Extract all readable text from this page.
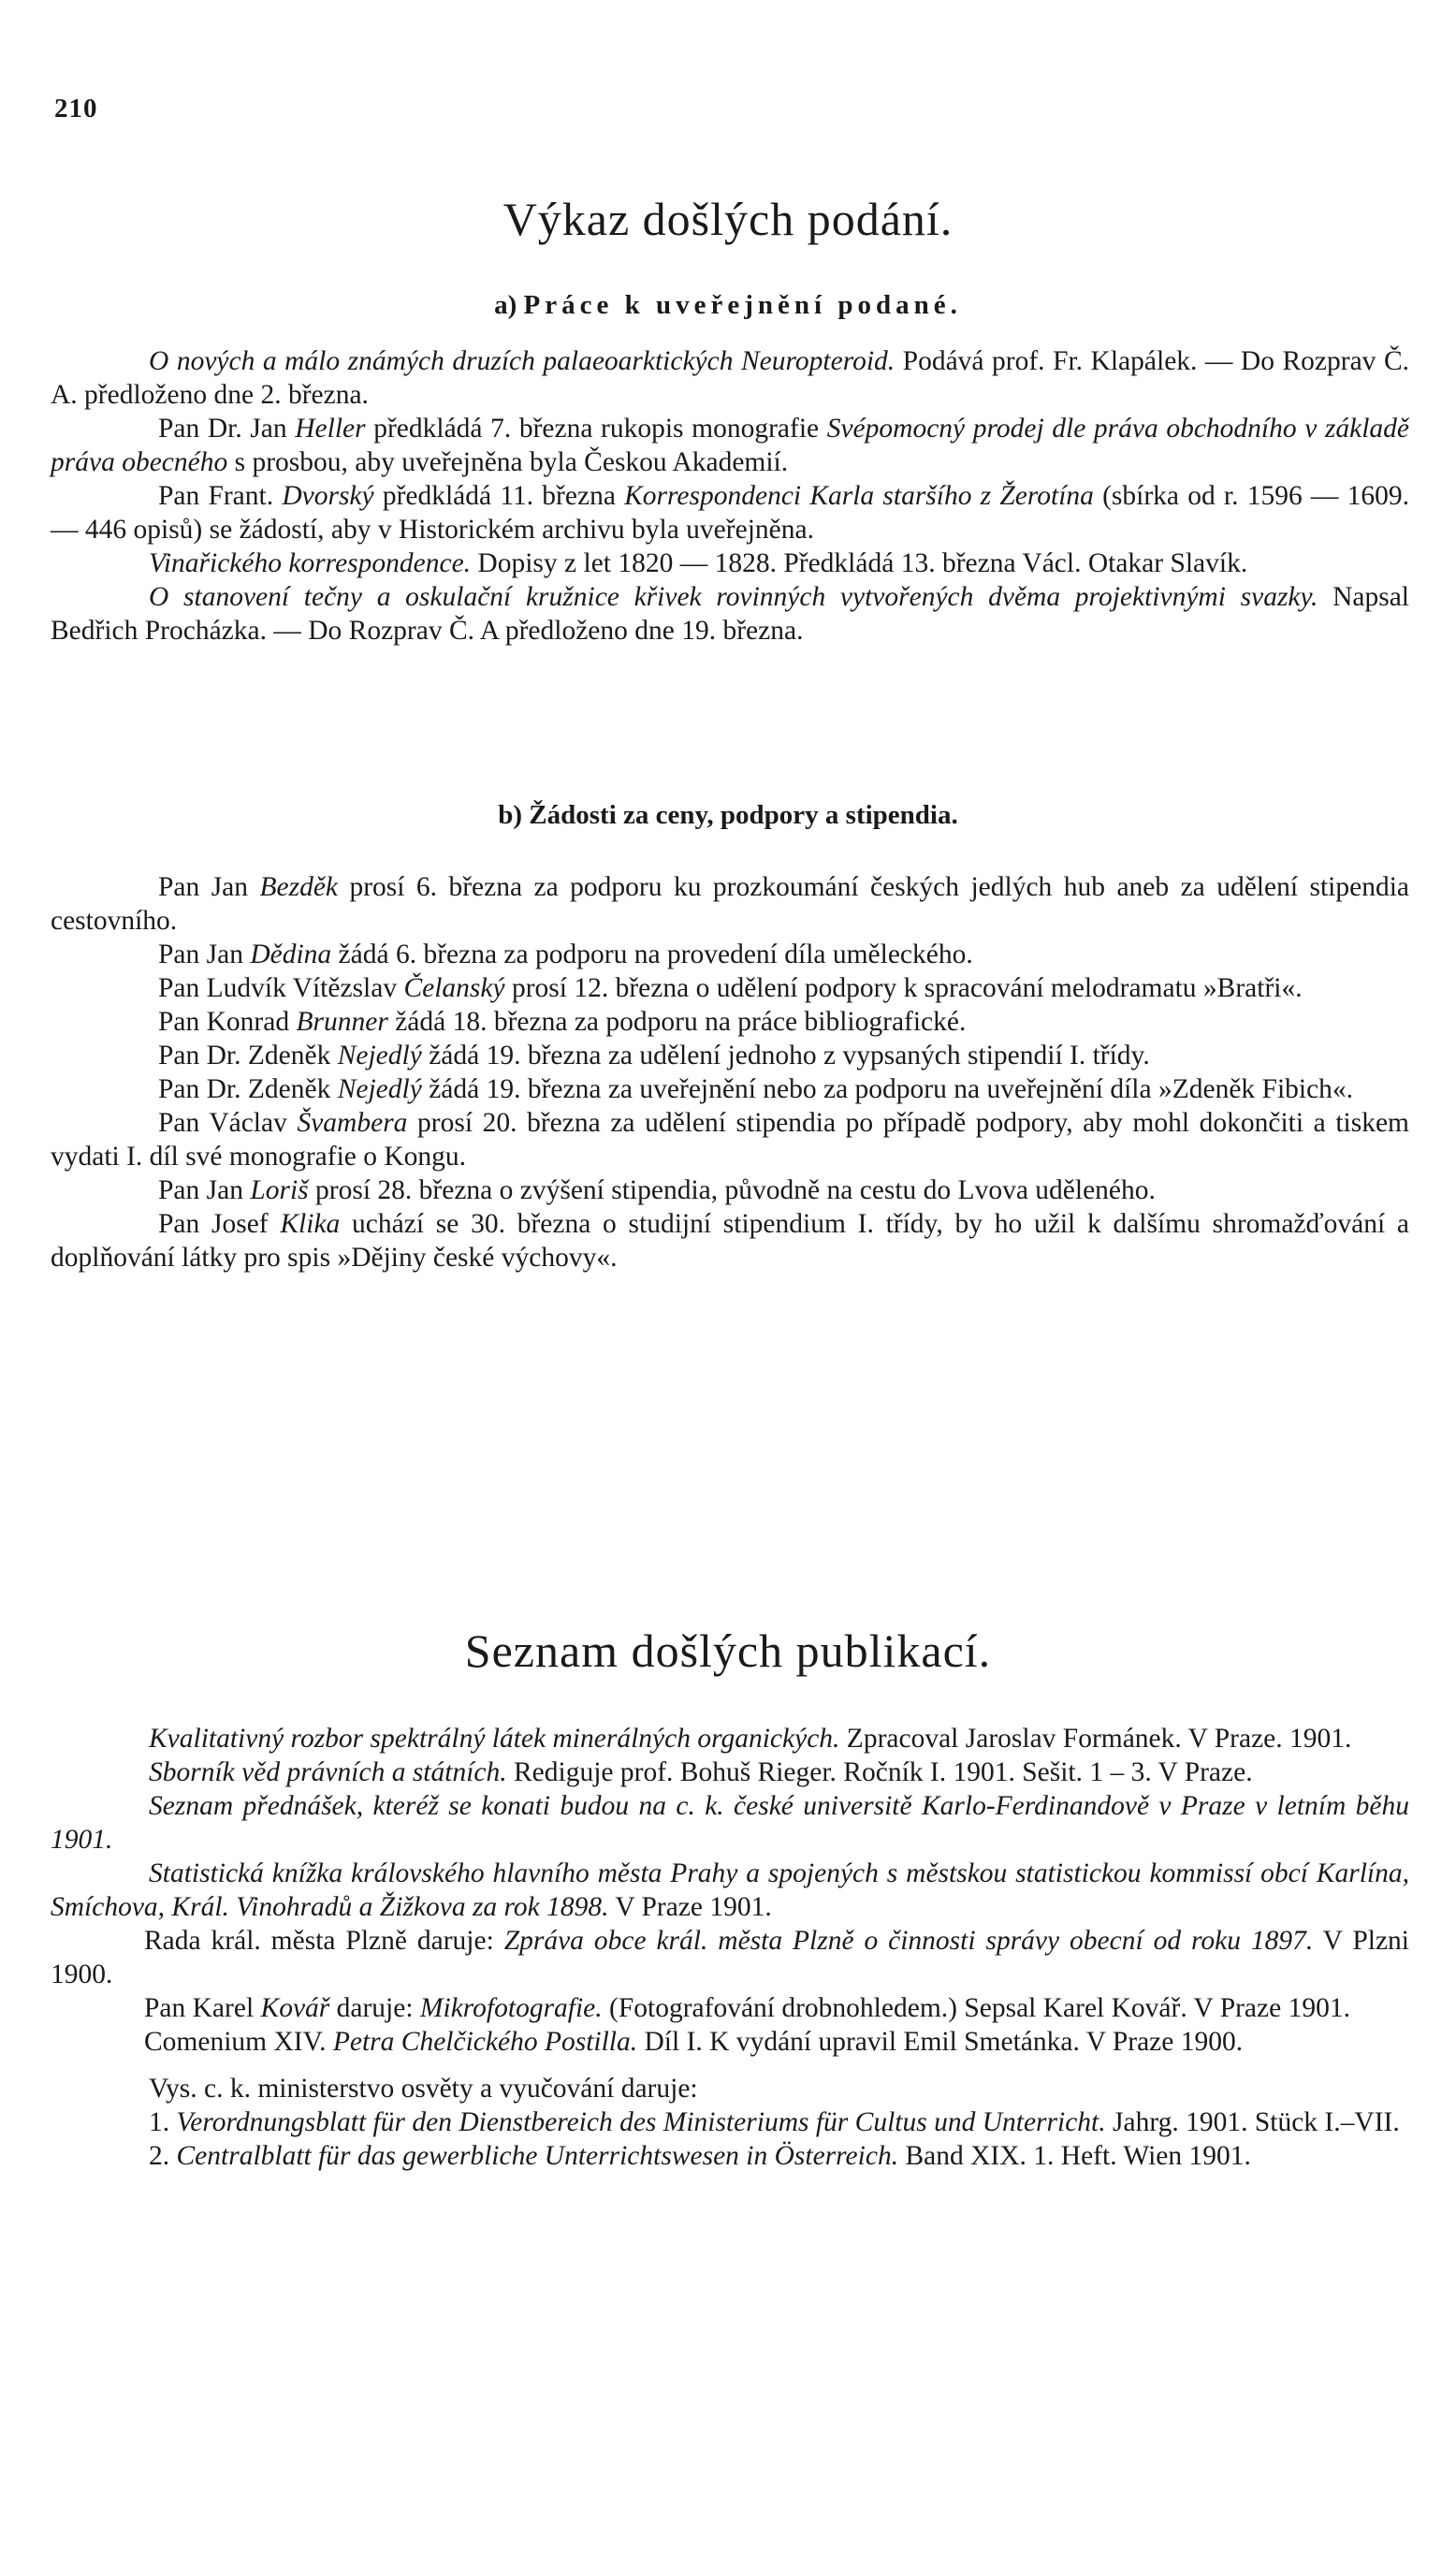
210
Výkaz došlých podání.
a) Práce k uveřejnění podané.

O nových a málo známých druzích palaeoarktických Neuropteroid. Podává prof. Fr. Klapálek. — Do Rozprav Č. A. předloženo dne 2. března.

Pan Dr. Jan Heller předkládá 7. března rukopis monografie Svépomocný prodej dle práva obchodního v základě práva obecného s prosbou, aby uveřejněna byla Českou Akademií.

Pan Frant. Dvorský předkládá 11. března Korrespondenci Karla staršího z Žerotína (sbírka od r. 1596 — 1609. — 446 opisů) se žádostí, aby v Historickém archivu byla uveřejněna.

Vinařického korrespondence. Dopisy z let 1820 — 1828. Předkládá 13. března Václ. Otakar Slavík.

O stanovení tečny a oskulační kružnice křivek rovinných vytvořených dvěma projektivnými svazky. Napsal Bedřich Procházka. — Do Rozprav Č. A předloženo dne 19. března.

b) Žádosti za ceny, podpory a stipendia.

Pan Jan Bezděk prosí 6. března za podporu ku prozkoumání českých jedlých hub aneb za udělení stipendia cestovního.

Pan Jan Dědina žádá 6. března za podporu na provedení díla uměleckého.

Pan Ludvík Vítězslav Čelanský prosí 12. března o udělení podpory k spracování melodramatu »Bratři«.

Pan Konrad Brunner žádá 18. března za podporu na práce bibliografické.

Pan Dr. Zdeněk Nejedlý žádá 19. března za udělení jednoho z vypsaných stipendií I. třídy.

Pan Dr. Zdeněk Nejedlý žádá 19. března za uveřejnění nebo za podporu na uveřejnění díla »Zdeněk Fibich«.

Pan Václav Švambera prosí 20. března za udělení stipendia po případě podpory, aby mohl dokončiti a tiskem vydati I. díl své monografie o Kongu.

Pan Jan Loriš prosí 28. března o zvýšení stipendia, původně na cestu do Lvova uděleného.

Pan Josef Klika uchází se 30. března o studijní stipendium I. třídy, by ho užil k dalšímu shromažďování a doplňování látky pro spis »Dějiny české výchovy«.

Seznam došlých publikací.

Kvalitativný rozbor spektrálný látek minerálných organických. Zpracoval Jaroslav Formánek. V Praze. 1901.

Sborník věd právních a státních. Rediguje prof. Bohuš Rieger. Ročník I. 1901. Sešit. 1 – 3. V Praze.

Seznam přednášek, kteréž se konati budou na c. k. české universitě Karlo-Ferdinandově v Praze v letním běhu 1901.

Statistická knížka královského hlavního města Prahy a spojených s městskou statistickou kommissí obcí Karlína, Smíchova, Král. Vinohradů a Žižkova za rok 1898. V Praze 1901.

Rada král. města Plzně daruje: Zpráva obce král. města Plzně o činnosti správy obecní od roku 1897. V Plzni 1900.

Pan Karel Kovář daruje: Mikrofotografie. (Fotografování drobnohledem.) Sepsal Karel Kovář. V Praze 1901.

Comenium XIV. Petra Chelčického Postilla. Díl I. K vydání upravil Emil Smetánka. V Praze 1900.

Vys. c. k. ministerstvo osvěty a vyučování daruje:

1. Verordnungsblatt für den Dienstbereich des Ministeriums für Cultus und Unterricht. Jahrg. 1901. Stück I.–VII.

2. Centralblatt für das gewerbliche Unterrichtswesen in Österreich. Band XIX. 1. Heft. Wien 1901.
